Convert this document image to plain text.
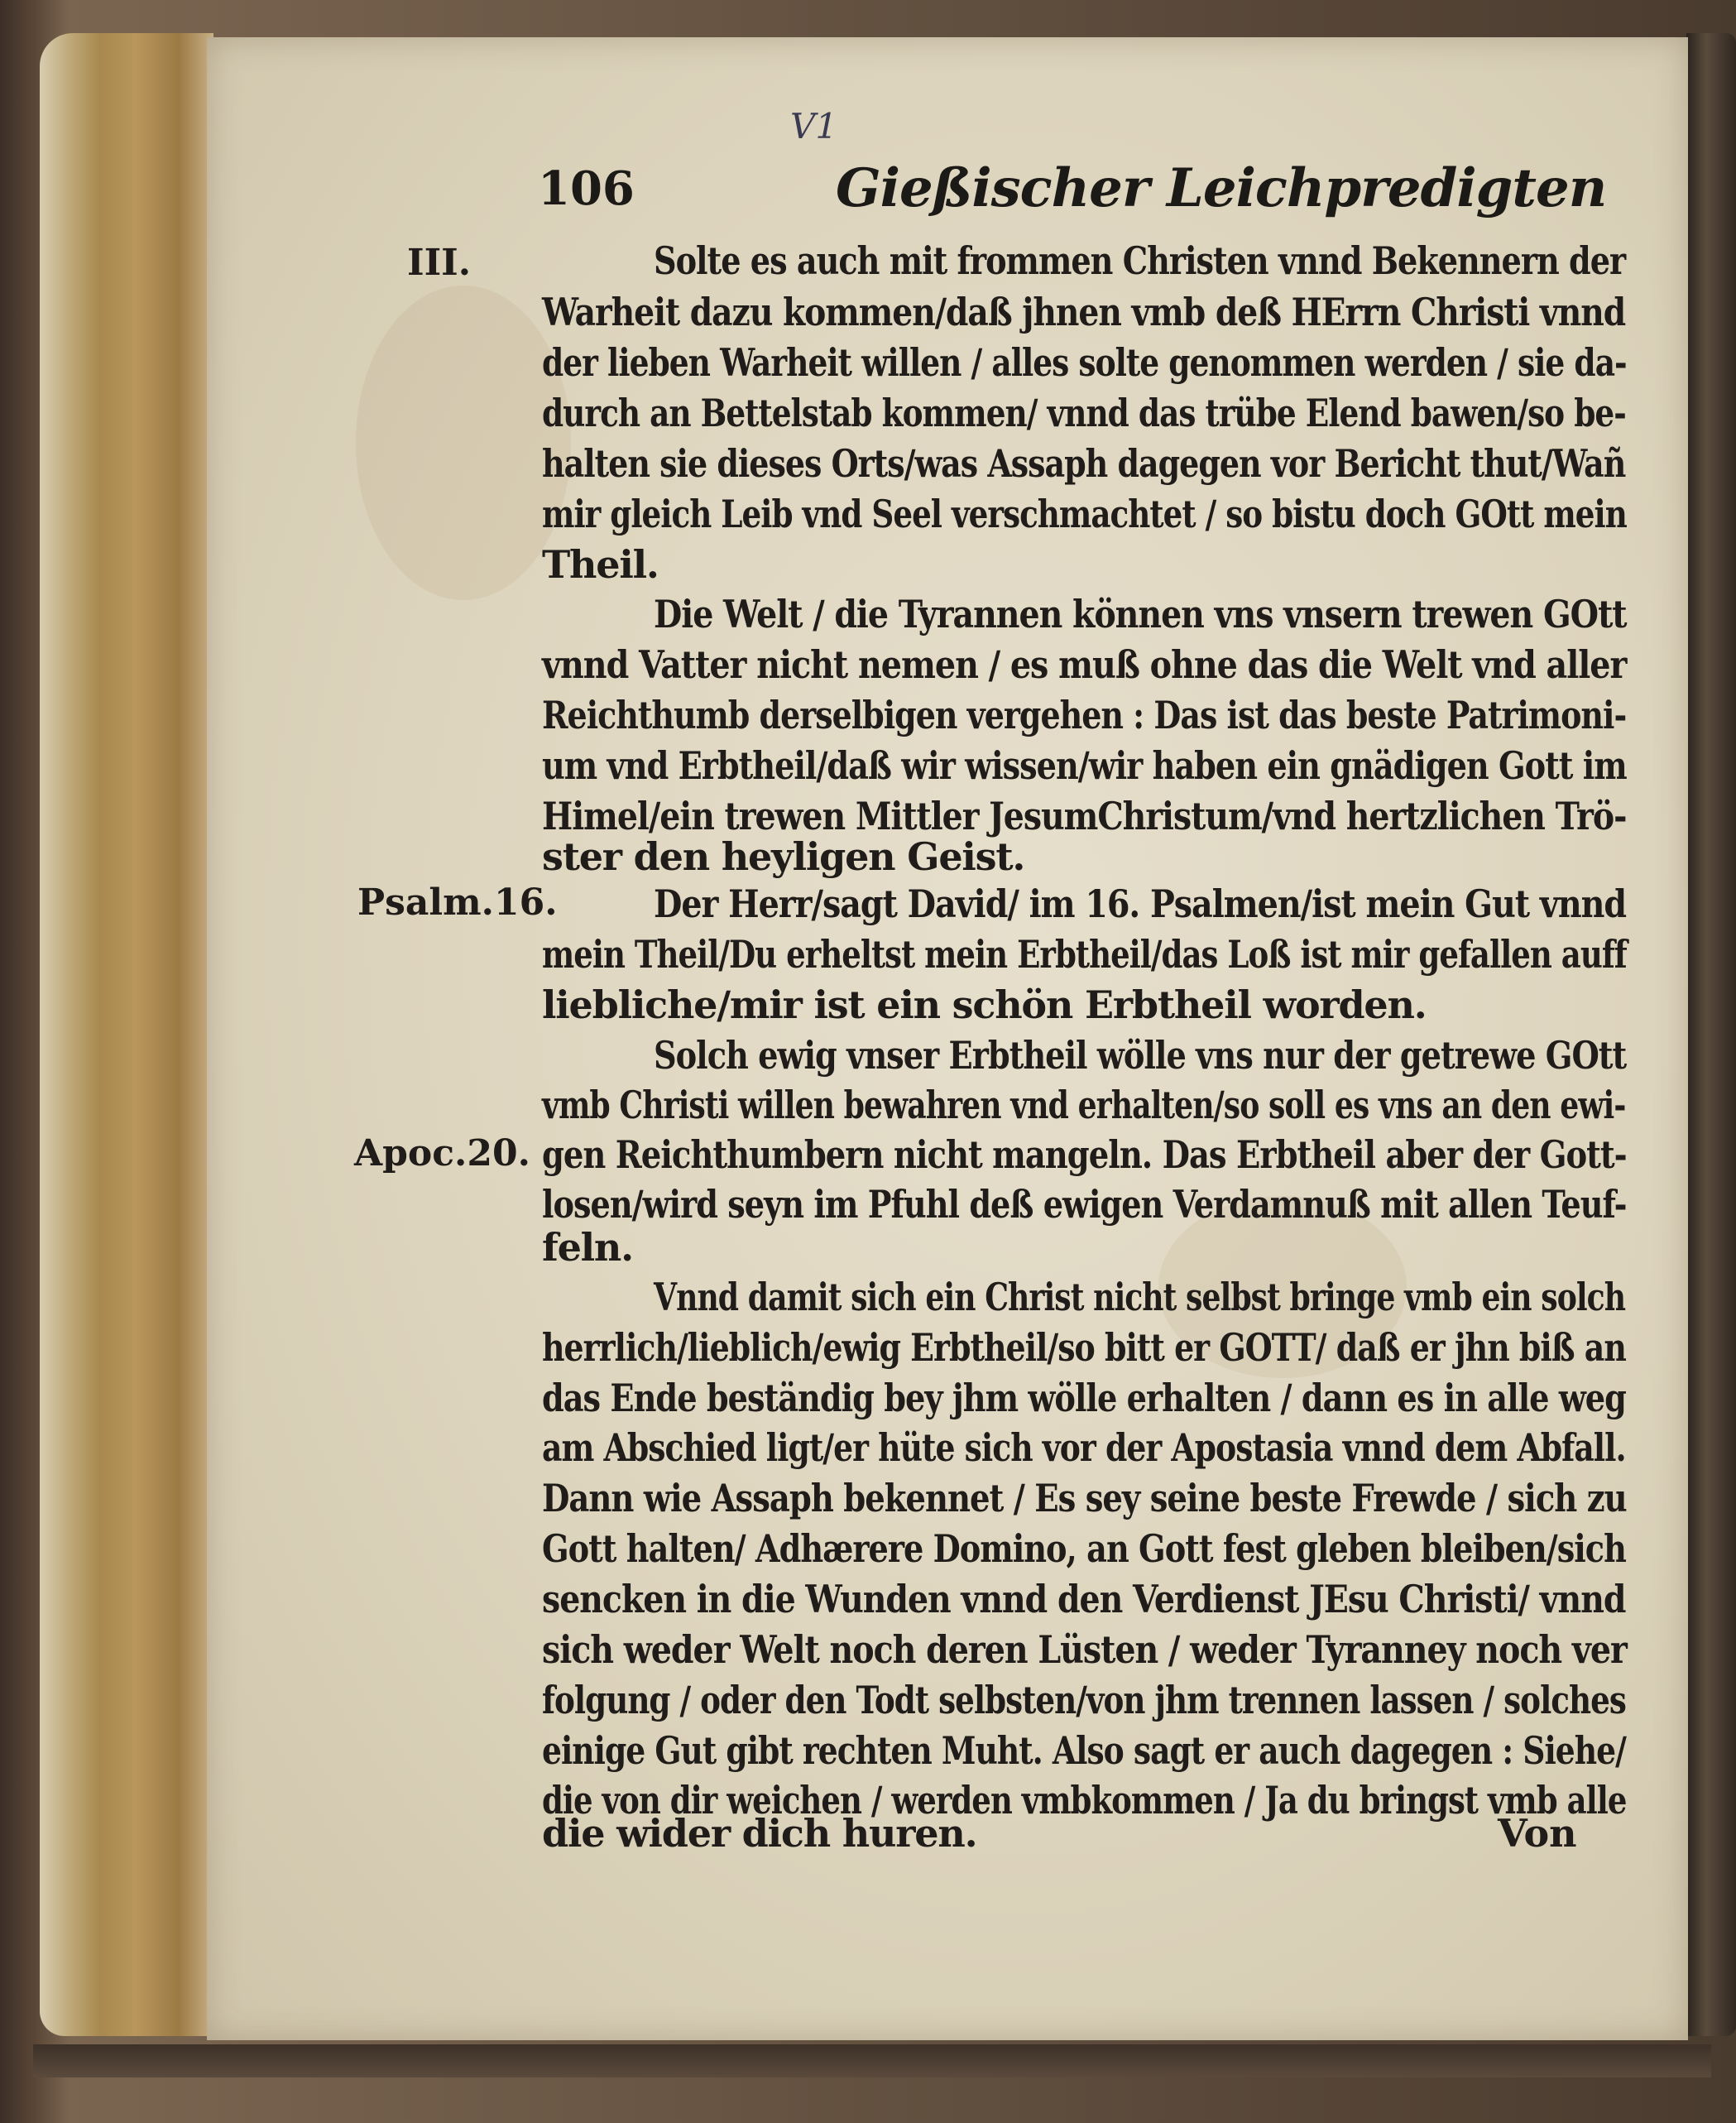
V1
106	Gießischer Leichpredigten
III.
Psalm.16.
Apoc.20.
Solte es auch mit frommen Christen vnnd Bekennern der
Warheit dazu kommen/daß jhnen vmb deß HErrn Christi vnnd
der lieben Warheit willen / alles solte genommen werden / sie da-
durch an Bettelstab kommen/ vnnd das trübe Elend bawen/so be-
halten sie dieses Orts/was Assaph dagegen vor Bericht thut/Wañ
mir gleich Leib vnd Seel verschmachtet / so bistu doch GOtt mein
Theil.
Die Welt / die Tyrannen können vns vnsern trewen GOtt
vnnd Vatter nicht nemen / es muß ohne das die Welt vnd aller
Reichthumb derselbigen vergehen : Das ist das beste Patrimoni-
um vnd Erbtheil/daß wir wissen/wir haben ein gnädigen Gott im
Himel/ein trewen Mittler JesumChristum/vnd hertzlichen Trö-
ster den heyligen Geist.
Der Herr/sagt David/ im 16. Psalmen/ist mein Gut vnnd
mein Theil/Du erheltst mein Erbtheil/das Loß ist mir gefallen auff
liebliche/mir ist ein schön Erbtheil worden.
Solch ewig vnser Erbtheil wölle vns nur der getrewe GOtt
vmb Christi willen bewahren vnd erhalten/so soll es vns an den ewi-
gen Reichthumbern nicht mangeln. Das Erbtheil aber der Gott-
losen/wird seyn im Pfuhl deß ewigen Verdamnuß mit allen Teuf-
feln.
Vnnd damit sich ein Christ nicht selbst bringe vmb ein solch
herrlich/lieblich/ewig Erbtheil/so bitt er GOTT/ daß er jhn biß an
das Ende beständig bey jhm wölle erhalten / dann es in alle weg
am Abschied ligt/er hüte sich vor der Apostasia vnnd dem Abfall.
Dann wie Assaph bekennet / Es sey seine beste Frewde / sich zu
Gott halten/ Adhærere Domino, an Gott fest gleben bleiben/sich
sencken in die Wunden vnnd den Verdienst JEsu Christi/ vnnd
sich weder Welt noch deren Lüsten / weder Tyranney noch ver
folgung / oder den Todt selbsten/von jhm trennen lassen / solches
einige Gut gibt rechten Muht. Also sagt er auch dagegen : Siehe/
die von dir weichen / werden vmbkommen / Ja du bringst vmb alle
die wider dich huren.	Von
